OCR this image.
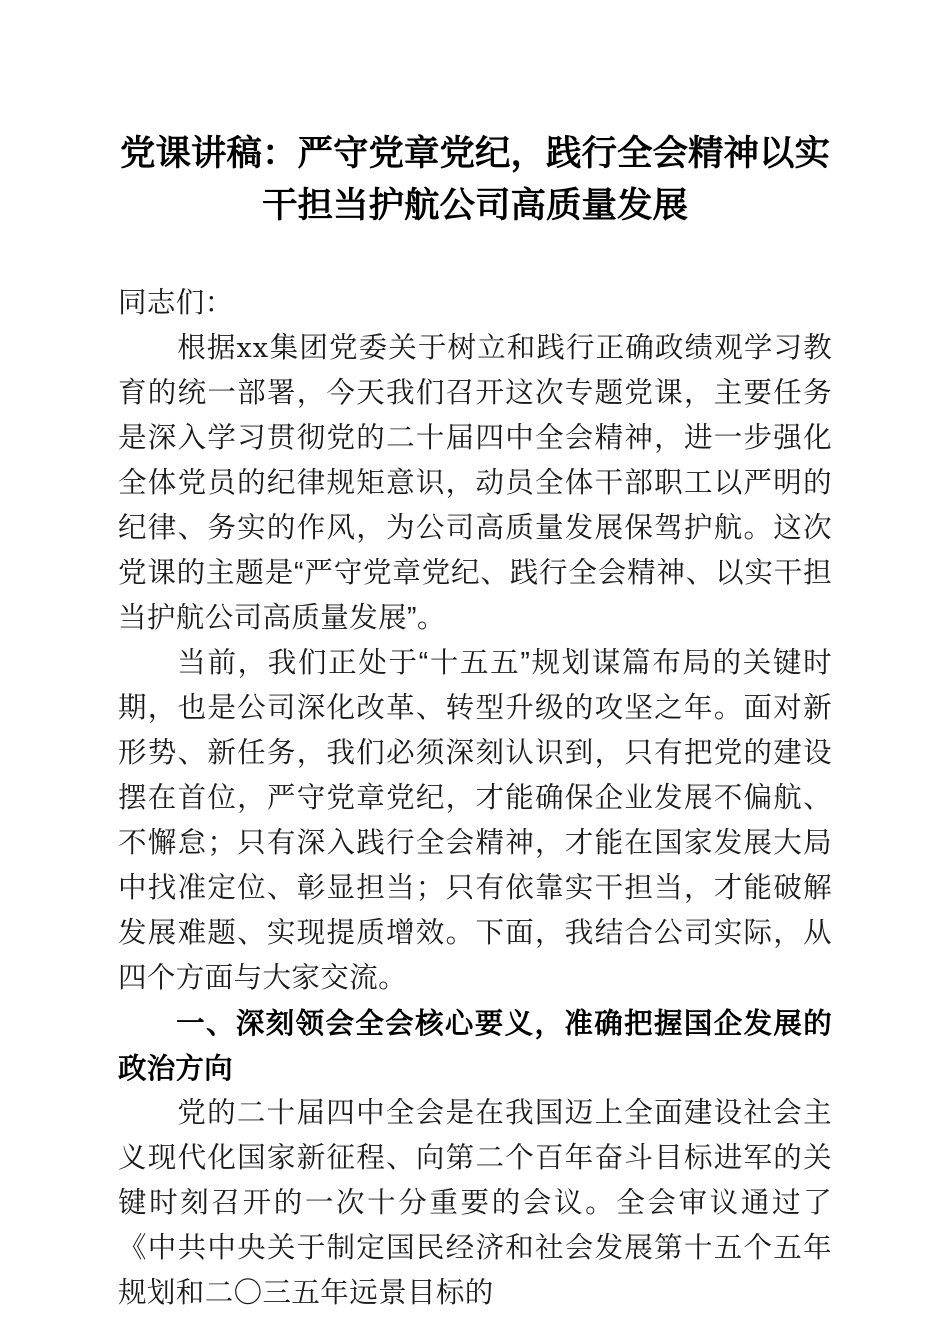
党课讲稿：严守党章党纪，践行全会精神以实干担当护航公司高质量发展

同志们：

根据xx集团党委关于树立和践行正确政绩观学习教育的统一部署，今天我们召开这次专题党课，主要任务是深入学习贯彻党的二十届四中全会精神，进一步强化全体党员的纪律规矩意识，动员全体干部职工以严明的纪律、务实的作风，为公司高质量发展保驾护航。这次党课的主题是“严守党章党纪、践行全会精神、以实干担当护航公司高质量发展”。

当前，我们正处于“十五五”规划谋篇布局的关键时期，也是公司深化改革、转型升级的攻坚之年。面对新形势、新任务，我们必须深刻认识到，只有把党的建设摆在首位，严守党章党纪，才能确保企业发展不偏航、不懈怠；只有深入践行全会精神，才能在国家发展大局中找准定位、彰显担当；只有依靠实干担当，才能破解发展难题、实现提质增效。下面，我结合公司实际，从四个方面与大家交流。

一、深刻领会全会核心要义，准确把握国企发展的政治方向

党的二十届四中全会是在我国迈上全面建设社会主义现代化国家新征程、向第二个百年奋斗目标进军的关键时刻召开的一次十分重要的会议。全会审议通过了《中共中央关于制定国民经济和社会发展第十五个五年规划和二〇三五年远景目标的
